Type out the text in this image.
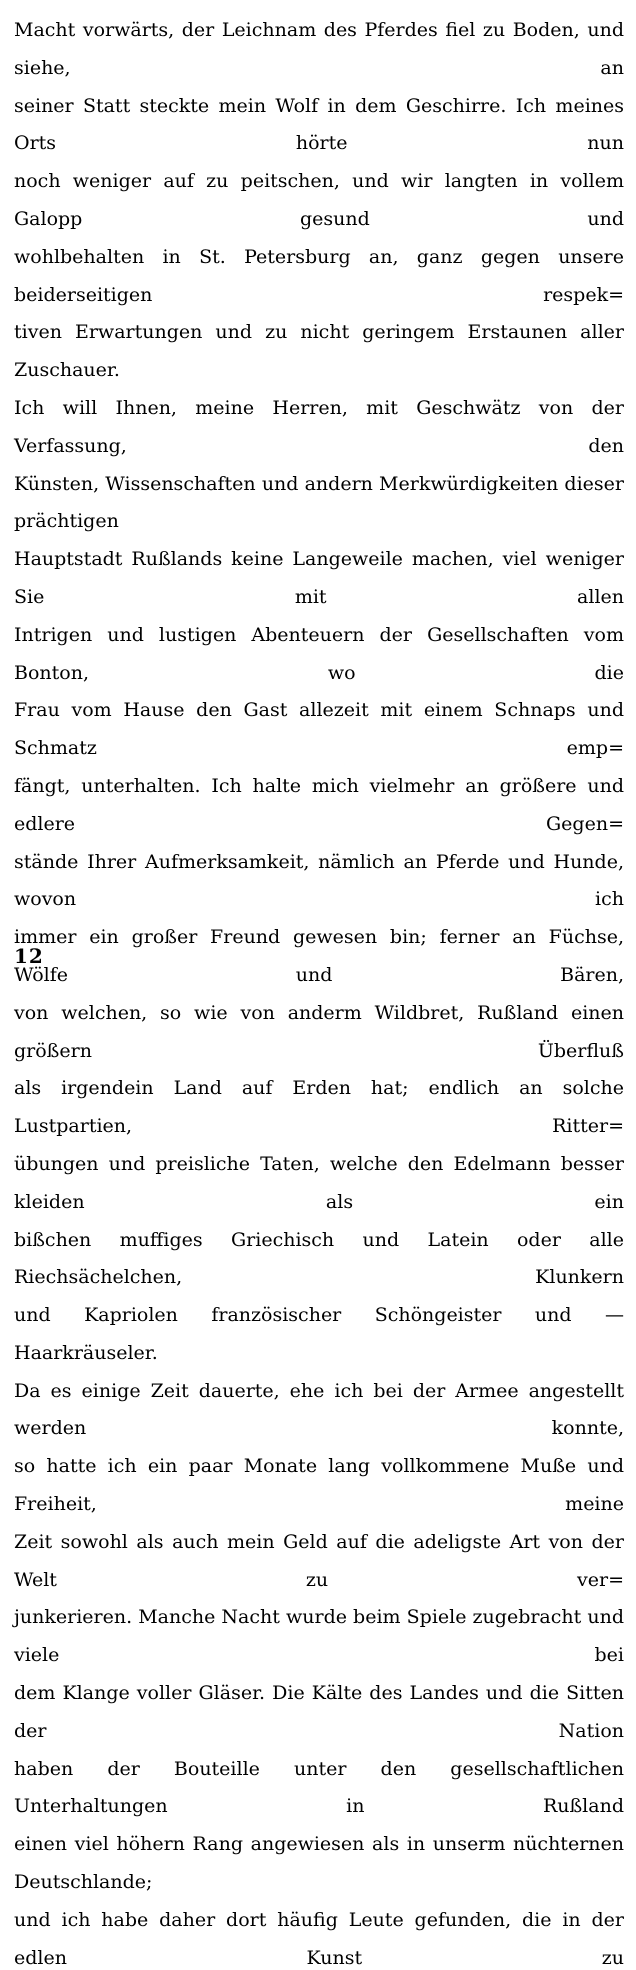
Macht vorwärts, der Leichnam des Pferdes fiel zu Boden, und siehe, an

seiner Statt steckte mein Wolf in dem Geschirre. Ich meines Orts hörte nun

noch weniger auf zu peitschen, und wir langten in vollem Galopp gesund und

wohlbehalten in St. Petersburg an, ganz gegen unsere beiderseitigen respek=

tiven Erwartungen und zu nicht geringem Erstaunen aller Zuschauer.

Ich will Ihnen, meine Herren, mit Geschwätz von der Verfassung, den

Künsten, Wissenschaften und andern Merkwürdigkeiten dieser prächtigen

Hauptstadt Rußlands keine Langeweile machen, viel weniger Sie mit allen

Intrigen und lustigen Abenteuern der Gesellschaften vom Bonton, wo die

Frau vom Hause den Gast allezeit mit einem Schnaps und Schmatz emp=

fängt, unterhalten. Ich halte mich vielmehr an größere und edlere Gegen=

stände Ihrer Aufmerksamkeit, nämlich an Pferde und Hunde, wovon ich

immer ein großer Freund gewesen bin; ferner an Füchse, Wölfe und Bären,

von welchen, so wie von anderm Wildbret, Rußland einen größern Überfluß

als irgendein Land auf Erden hat; endlich an solche Lustpartien, Ritter=

übungen und preisliche Taten, welche den Edelmann besser kleiden als ein

bißchen muffiges Griechisch und Latein oder alle Riechsächelchen, Klunkern

und Kapriolen französischer Schöngeister und — Haarkräuseler.

Da es einige Zeit dauerte, ehe ich bei der Armee angestellt werden konnte,

so hatte ich ein paar Monate lang vollkommene Muße und Freiheit, meine

Zeit sowohl als auch mein Geld auf die adeligste Art von der Welt zu ver=

junkerieren. Manche Nacht wurde beim Spiele zugebracht und viele bei

dem Klange voller Gläser. Die Kälte des Landes und die Sitten der Nation

haben der Bouteille unter den gesellschaftlichen Unterhaltungen in Rußland

einen viel höhern Rang angewiesen als in unserm nüchternen Deutschlande;

und ich habe daher dort häufig Leute gefunden, die in der edlen Kunst zu

12
